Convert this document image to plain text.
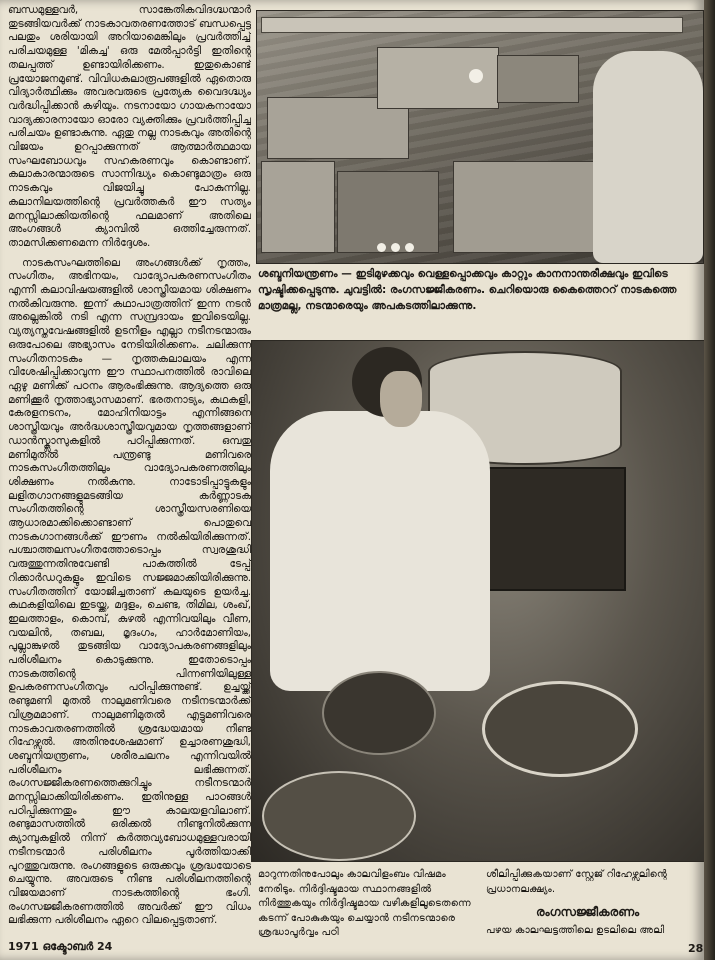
ബന്ധമുള്ളവർ, സാങ്കേതികവിദഗ്ദ്ധന്മാർ തുടങ്ങിയവർക്ക് നാടകാവതരണത്തോട് ബന്ധപ്പെട്ട പലതും ശരിയായി അറിയാമെങ്കിലും പ്രവർത്തിച്ച് പരിചയമുള്ള 'മികച്ച' ഒരു മേൽപ്പാർട്ടി ഇതിന്റെ തലപ്പത്ത് ഉണ്ടായിരിക്കണം. ഇതുകൊണ്ട് പ്രയോജനമുണ്ട്. വിവിധകലാരൂപങ്ങളിൽ ഏതൊരു വിദ്യാർത്ഥിക്കും അവരവരുടെ പ്രത്യേക വൈദഗ്ദ്ധ്യം വർദ്ധിപ്പിക്കാൻ കഴിയും. നടനായോ ഗായകനായോ വാദ്യക്കാരനായോ ഓരോ വ്യക്തിക്കും പ്രവർത്തിപ്പിച്ച പരിചയം ഉണ്ടാകുന്നു. ഏതു നല്ല നാടകവും അതിന്റെ വിജയം ഉറപ്പാക്കുന്നത് ആത്മാർത്ഥമായ സംഘബോധവും സഹകരണവും കൊണ്ടാണ്. കലാകാരന്മാരുടെ സാന്നിദ്ധ്യം കൊണ്ടുമാത്രം ഒരു നാടകവും വിജയിച്ചു പോകുന്നില്ല. കലാനിലയത്തിന്റെ പ്രവർത്തകർ ഈ സത്യം മനസ്സിലാക്കിയതിന്റെ ഫലമാണ് അതിലെ അംഗങ്ങൾ ക്യാമ്പിൽ ഒത്തിച്ചേരുന്നത്. താമസിക്കണമെന്ന നിർദ്ദേശം.

നാടകസംഘത്തിലെ അംഗങ്ങൾക്ക് നൃത്തം, സംഗീതം, അഭിനയം, വാദ്യോപകരണസംഗീതം എന്നീ കലാവിഷയങ്ങളിൽ ശാസ്ത്രീയമായ ശിക്ഷണം നൽകിവരുന്നു. ഇന്ന് കഥാപാത്രത്തിന് ഇന്ന നടൻ അല്ലെങ്കിൽ നടി എന്ന സമ്പ്രദായം ഇവിടെയില്ല. വ്യത്യസ്തവേഷങ്ങളിൽ ഉടനീളം എല്ലാ നടീനടന്മാരും ഒരുപോലെ അഭ്യാസം നേടിയിരിക്കണം. ചലിക്കുന്ന സംഗീതനാടകം — നൃത്തകലാലയം എന്ന വിശേഷിപ്പിക്കാവുന്ന ഈ സ്ഥാപനത്തിൽ രാവിലെ ഏഴു മണിക്ക് പഠനം ആരംഭിക്കുന്നു. ആദ്യത്തെ ഒരു മണിക്കൂർ നൃത്താഭ്യാസമാണ്. ഭരതനാട്യം, കഥകളി, കേരളനടനം, മോഹിനിയാട്ടം എന്നിങ്ങനെ ശാസ്ത്രീയവും അർദ്ധശാസ്ത്രീയവുമായ നൃത്തങ്ങളാണ് ഡാൻസ്ക്ലാസുകളിൽ പഠിപ്പിക്കുന്നത്. ഒമ്പതു മണിമുതൽ പന്ത്രണ്ടു മണിവരെ നാടകസംഗീതത്തിലും വാദ്യോപകരണത്തിലും ശിക്ഷണം നൽകുന്നു. നാടോടിപ്പാട്ടുകളും ലളിതഗാനങ്ങളുമടങ്ങിയ കർണ്ണാടക സംഗീതത്തിന്റെ ശാസ്ത്രീയസരണിയെ ആധാരമാക്കിക്കൊണ്ടാണ് പൊതുവെ നാടകഗാനങ്ങൾക്ക് ഈണം നൽകിയിരിക്കുന്നത്. പശ്ചാത്തലസംഗീതത്തോടൊപ്പം സ്വരശുദ്ധി വരുത്തുന്നതിനുവേണ്ടി പാകത്തിൽ ടേപ്പ് റിക്കാർഡറുകളും ഇവിടെ സജ്ജമാക്കിയിരിക്കുന്നു. സംഗീതത്തിന് യോജിച്ചതാണ് കലയുടെ ഉയർച്ച. കഥകളിയിലെ ഇടയ്ക്ക, മദ്ദളം, ചെണ്ട, തിമില, ശംഖ്, ഇലത്താളം, കൊമ്പ്, കുഴൽ എന്നിവയിലും വീണ, വയലിൻ, തബല, മൃദംഗം, ഹാർമോണിയം, പുല്ലാങ്കുഴൽ തുടങ്ങിയ വാദ്യോപകരണങ്ങളിലും പരിശീലനം കൊടുക്കുന്നു. ഇതോടൊപ്പം നാടകത്തിന്റെ പിന്നണിയിലുള്ള ഉപകരണസംഗീതവും പഠിപ്പിക്കുന്നുണ്ട്. ഉച്ചയ്ക്ക് രണ്ടുമണി മുതൽ നാലുമണിവരെ നടീനടന്മാർക്ക് വിശ്രമമാണ്. നാലുമണിമുതൽ എട്ടുമണിവരെ നാടകാവതരണത്തിൽ ശ്രദ്ധേയമായ നീണ്ട റിഹേഴ്സൽ. അതിനുശേഷമാണ് ഉച്ചാരണശുദ്ധി, ശബ്ദനിയന്ത്രണം, ശരീരചലനം എന്നിവയിൽ പരിശീലനം ലഭിക്കുന്നത്. രംഗസജ്ജീകരണത്തെക്കുറിച്ചും നടീനടന്മാർ മനസ്സിലാക്കിയിരിക്കണം. ഇതിനുള്ള പാഠങ്ങൾ പഠിപ്പിക്കുന്നതും ഈ കാലയളവിലാണ്. രണ്ടുമാസത്തിൽ ഒരിക്കൽ നീണ്ടുനിൽക്കുന്ന ക്യാമ്പുകളിൽ നിന്ന് കർത്തവ്യബോധമുള്ളവരായി നടീനടന്മാർ പരിശീലനം പൂർത്തിയാക്കി പുറത്തുവരുന്നു. രംഗങ്ങളുടെ ഒരുക്കവും ശ്രദ്ധയോടെ ചെയ്യുന്നു. അവരുടെ നീണ്ട പരിശീലനത്തിന്റെ വിജയമാണ് നാടകത്തിന്റെ ഭംഗി. രംഗസജ്ജീകരണത്തിൽ അവർക്ക് ഈ വിധം ലഭിക്കുന്ന പരിശീലനം ഏറെ വിലപ്പെട്ടതാണ്.

ശബ്ദനിയന്ത്രണം — ഇടിമുഴക്കവും വെള്ളപ്പൊക്കവും കാറ്റും കാനനാന്തരീക്ഷവും ഇവിടെ സൃഷ്ടിക്കപ്പെടുന്നു. ചുവട്ടിൽ: രംഗസജ്ജീകരണം. ചെറിയൊരു കൈത്തെററ് നാടകത്തെ മാത്രമല്ല, നടന്മാരെയും അപകടത്തിലാക്കുന്നു.
മാറുന്നതിനുപോലും കാലവിളംബം വിഷമം നേരിടും. നിർദ്ദിഷ്ടമായ സ്ഥാനങ്ങളിൽ നിർത്തുകയും നിർദ്ദിഷ്ടമായ വഴികളിലൂടെതന്നെ കടന്ന് പോകുകയും ചെയ്യാൻ നടീനടന്മാരെ ശ്രദ്ധാപൂർവ്വം പഠി
ശീലിപ്പിക്കുകയാണ് സ്റ്റേജ് റിഹേഴ്സലിന്റെ പ്രധാനലക്ഷ്യം.
രംഗസജ്ജീകരണം
പഴയ കാലഘട്ടത്തിലെ ഉടലിലെ അലി
1971 ഒക്ടോബർ 24	28
